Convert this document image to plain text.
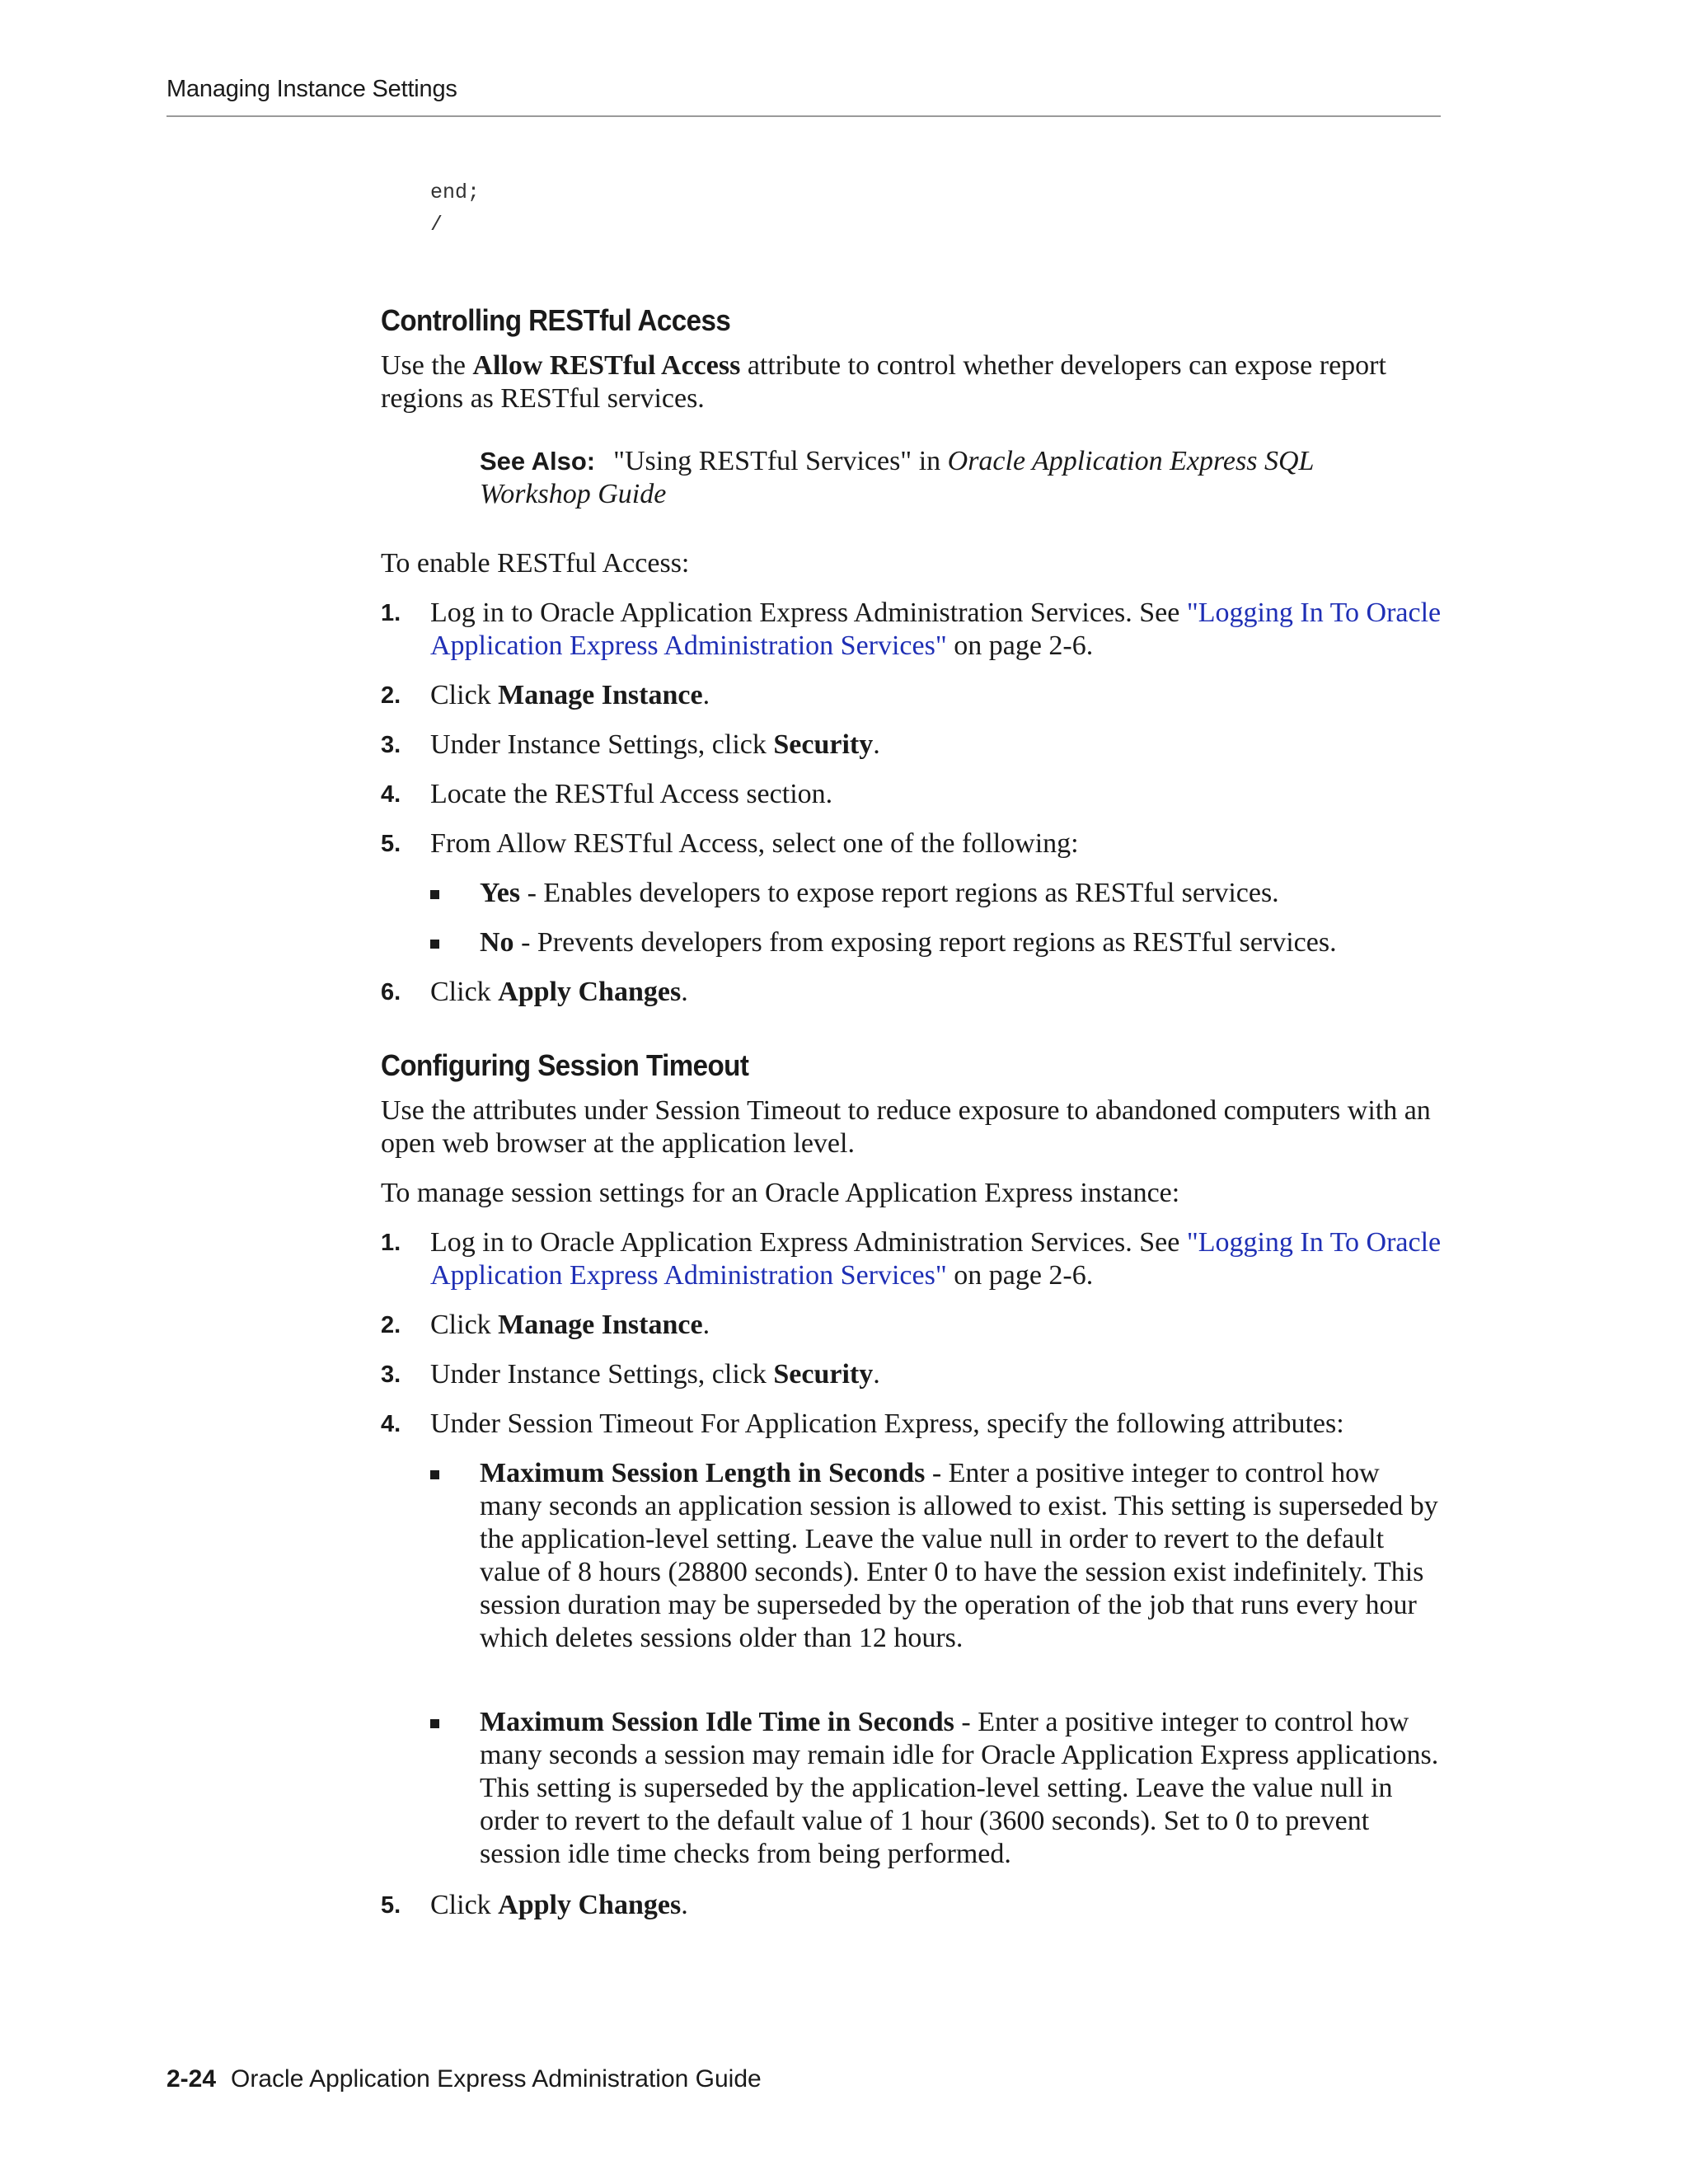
Managing Instance Settings
end;
/
Controlling RESTful Access
Use the Allow RESTful Access attribute to control whether developers can expose report regions as RESTful services.
See Also: "Using RESTful Services" in Oracle Application Express SQL Workshop Guide
To enable RESTful Access:
1. Log in to Oracle Application Express Administration Services. See "Logging In To Oracle Application Express Administration Services" on page 2-6.
2. Click Manage Instance.
3. Under Instance Settings, click Security.
4. Locate the RESTful Access section.
5. From Allow RESTful Access, select one of the following:
Yes - Enables developers to expose report regions as RESTful services.
No - Prevents developers from exposing report regions as RESTful services.
6. Click Apply Changes.
Configuring Session Timeout
Use the attributes under Session Timeout to reduce exposure to abandoned computers with an open web browser at the application level.
To manage session settings for an Oracle Application Express instance:
1. Log in to Oracle Application Express Administration Services. See "Logging In To Oracle Application Express Administration Services" on page 2-6.
2. Click Manage Instance.
3. Under Instance Settings, click Security.
4. Under Session Timeout For Application Express, specify the following attributes:
Maximum Session Length in Seconds - Enter a positive integer to control how many seconds an application session is allowed to exist. This setting is superseded by the application-level setting. Leave the value null in order to revert to the default value of 8 hours (28800 seconds). Enter 0 to have the session exist indefinitely. This session duration may be superseded by the operation of the job that runs every hour which deletes sessions older than 12 hours.
Maximum Session Idle Time in Seconds - Enter a positive integer to control how many seconds a session may remain idle for Oracle Application Express applications. This setting is superseded by the application-level setting. Leave the value null in order to revert to the default value of 1 hour (3600 seconds). Set to 0 to prevent session idle time checks from being performed.
5. Click Apply Changes.
2-24 Oracle Application Express Administration Guide
